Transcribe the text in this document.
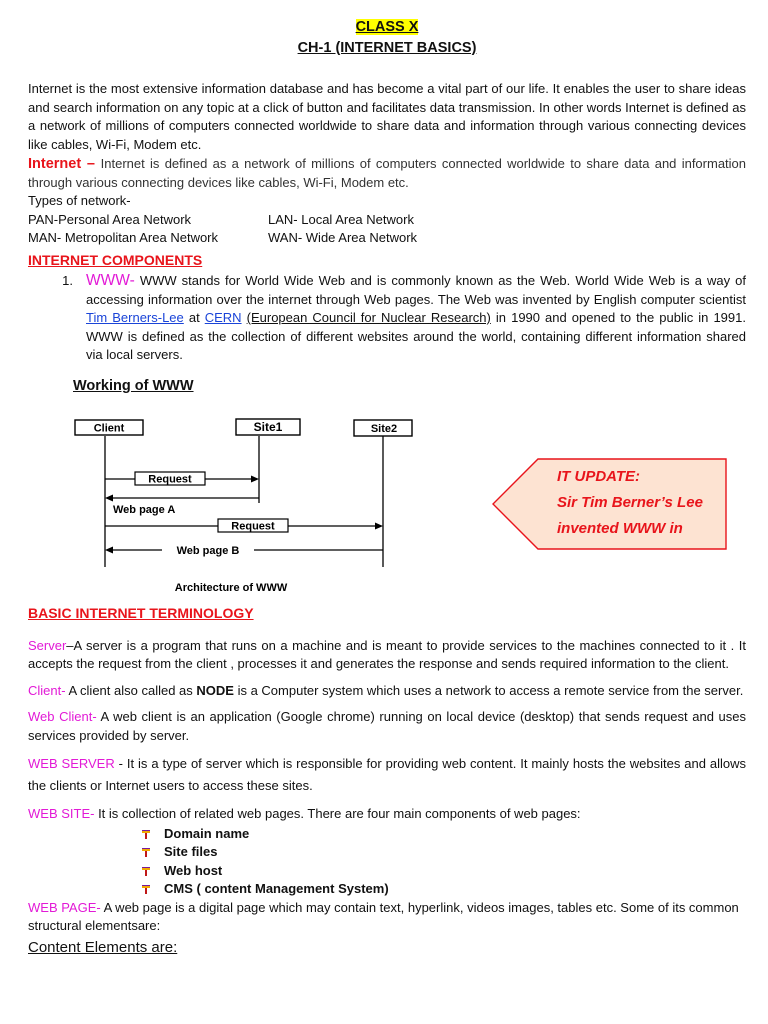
CLASS X
CH-1 (INTERNET BASICS)

Internet is the most extensive information database and has become a vital part of our life. It enables the user to share ideas and search information on any topic at a click of button and facilitates data transmission. In other words Internet is defined as a network of millions of computers connected worldwide to share data and information through various connecting devices like cables, Wi-Fi, Modem etc.

Internet – Internet is defined as a network of millions of computers connected worldwide to share data and information through various connecting devices like cables, Wi-Fi, Modem etc.

Types of network-

PAN-Personal Area Network	LAN- Local Area Network
MAN- Metropolitan Area Network	WAN- Wide Area Network
INTERNET COMPONENTS
1. WWW- WWW stands for World Wide Web and is commonly known as the Web. World Wide Web is a way of accessing information over the internet through Web pages. The Web was invented by English computer scientist Tim Berners-Lee at CERN (European Council for Nuclear Research) in 1990 and opened to the public in 1991. WWW is defined as the collection of different websites around the world, containing different information shared via local servers.

Working of WWW
Client	Site1	Site2
Request
Web page A
Request
Web page B
Architecture of WWW
IT UPDATE:
Sir Tim Berner’s Lee
invented WWW in
BASIC INTERNET TERMINOLOGY

Server–A server is a program that runs on a machine and is meant to provide services to the machines connected to it . It accepts the request from the client , processes it and generates the response and sends required information to the client.

Client- A client also called as NODE is a Computer system which uses a network to access a remote service from the server.

Web Client- A web client is an application (Google chrome) running on local device (desktop) that sends request and uses services provided by server.

WEB SERVER - It is a type of server which is responsible for providing web content. It mainly hosts the websites and allows the clients or Internet users to access these sites.

WEB SITE- It is collection of related web pages. There are four main components of web pages:

Domain name
Site files
Web host
CMS ( content Management System)

WEB PAGE- A web page is a digital page which may contain text, hyperlink, videos images, tables etc. Some of its common structural elementsare:

Content Elements are:
